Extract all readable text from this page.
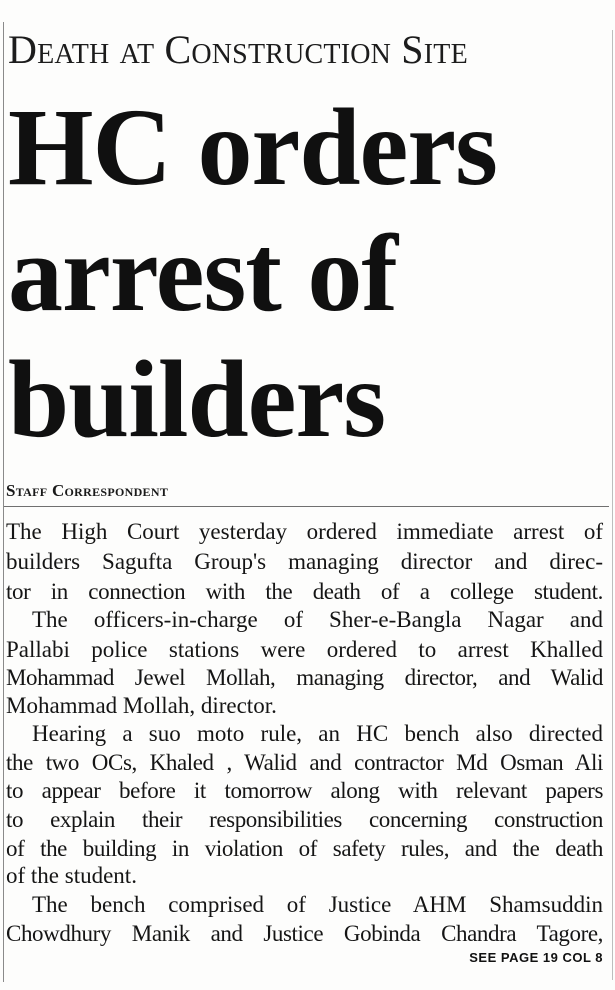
Death at Construction Site
HC orders arrest of builders
Staff Correspondent
The High Court yesterday ordered immediate arrest of
builders Sagufta Group's managing director and direc-
tor in connection with the death of a college student.
The officers-in-charge of Sher-e-Bangla Nagar and
Pallabi police stations were ordered to arrest Khalled
Mohammad Jewel Mollah, managing director, and Walid
Mohammad Mollah, director.
Hearing a suo moto rule, an HC bench also directed
the two OCs, Khaled , Walid and contractor Md Osman Ali
to appear before it tomorrow along with relevant papers
to explain their responsibilities concerning construction
of the building in violation of safety rules, and the death
of the student.
The bench comprised of Justice AHM Shamsuddin
Chowdhury Manik and Justice Gobinda Chandra Tagore,
SEE PAGE 19 COL 8
